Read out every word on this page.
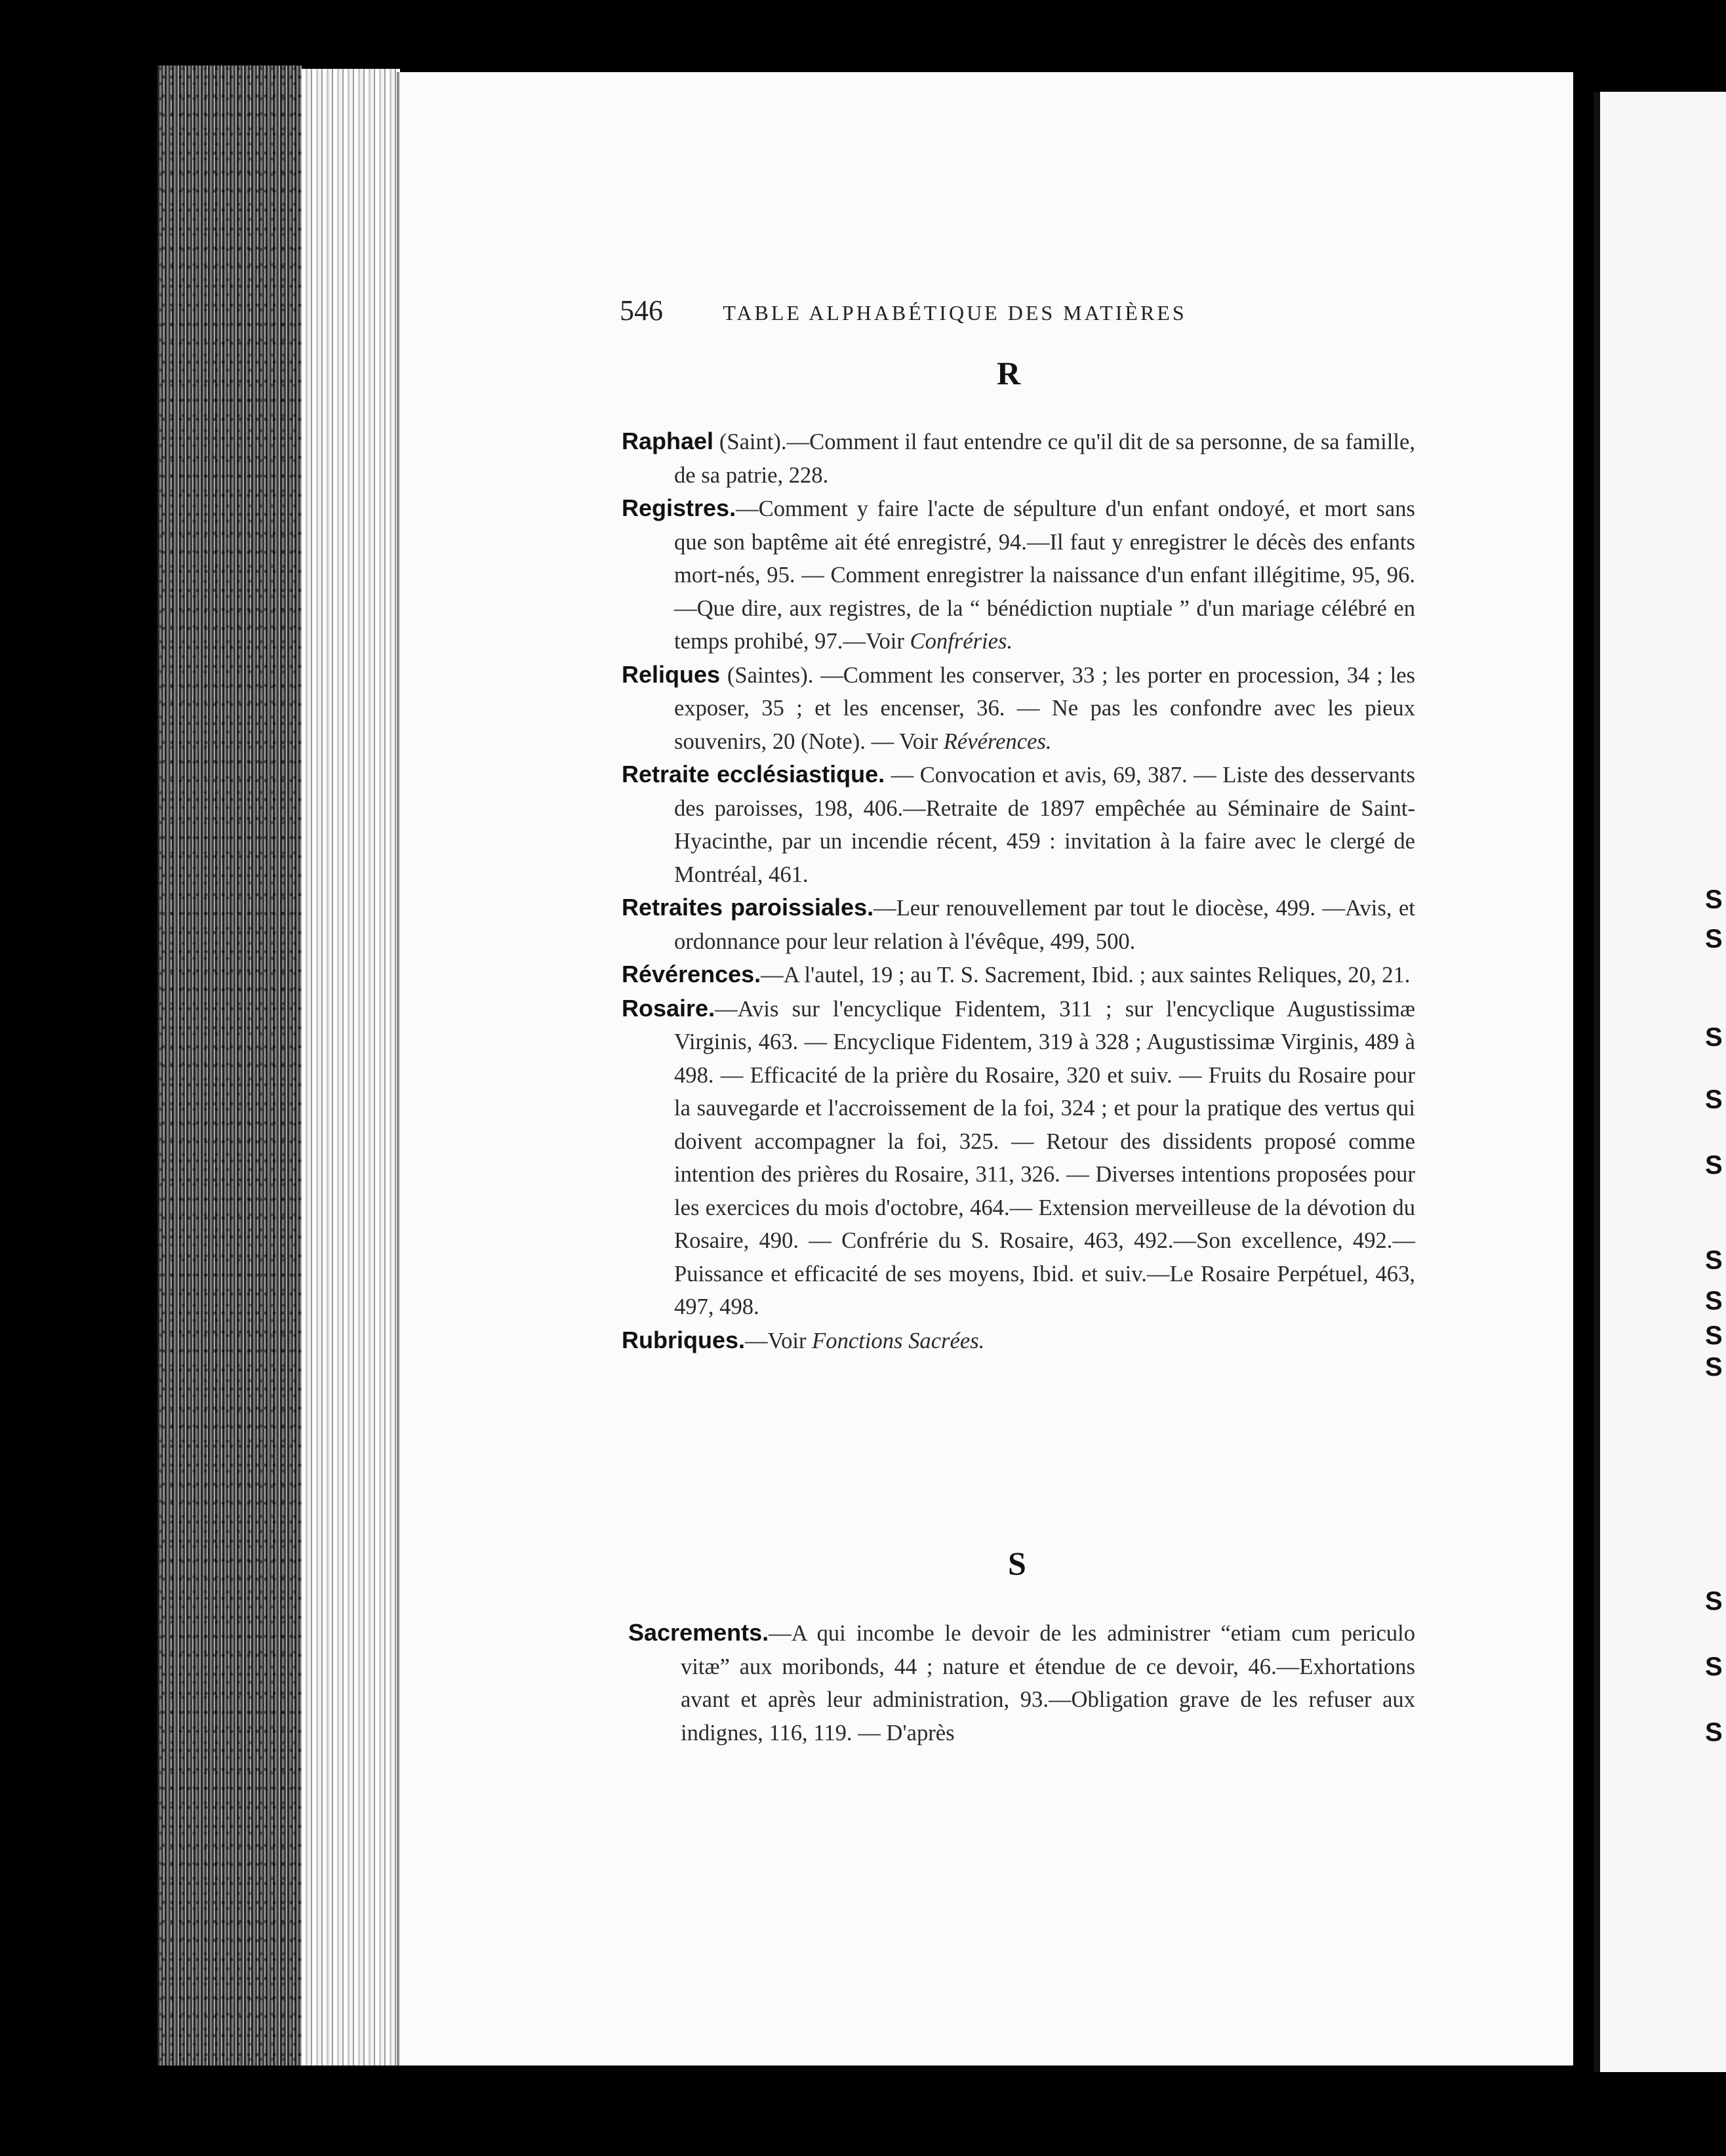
546	TABLE ALPHABÉTIQUE DES MATIÈRES
R
Raphael (Saint).—Comment il faut entendre ce qu'il dit de sa personne, de sa famille, de sa patrie, 228.
Registres.—Comment y faire l'acte de sépulture d'un enfant ondoyé, et mort sans que son baptême ait été enregistré, 94.—Il faut y enregistrer le décès des enfants mort-nés, 95. — Comment enregistrer la naissance d'un enfant illégitime, 95, 96.—Que dire, aux registres, de la “ bénédiction nuptiale ” d'un mariage célébré en temps prohibé, 97.—Voir Confréries.
Reliques (Saintes). —Comment les conserver, 33 ; les porter en procession, 34 ; les exposer, 35 ; et les encenser, 36. — Ne pas les confondre avec les pieux souvenirs, 20 (Note). — Voir Révérences.
Retraite ecclésiastique. — Convocation et avis, 69, 387. — Liste des desservants des paroisses, 198, 406.—Retraite de 1897 empêchée au Séminaire de Saint-Hyacinthe, par un incendie récent, 459 : invitation à la faire avec le clergé de Montréal, 461.
Retraites paroissiales.—Leur renouvellement par tout le diocèse, 499. —Avis, et ordonnance pour leur relation à l'évêque, 499, 500.
Révérences.—A l'autel, 19 ; au T. S. Sacrement, Ibid. ; aux saintes Reliques, 20, 21.
Rosaire.—Avis sur l'encyclique Fidentem, 311 ; sur l'encyclique Augustissimæ Virginis, 463. — Encyclique Fidentem, 319 à 328 ; Augustissimæ Virginis, 489 à 498. — Efficacité de la prière du Rosaire, 320 et suiv. — Fruits du Rosaire pour la sauvegarde et l'accroissement de la foi, 324 ; et pour la pratique des vertus qui doivent accompagner la foi, 325. — Retour des dissidents proposé comme intention des prières du Rosaire, 311, 326. — Diverses intentions proposées pour les exercices du mois d'octobre, 464.— Extension merveilleuse de la dévotion du Rosaire, 490. — Confrérie du S. Rosaire, 463, 492.—Son excellence, 492.—Puissance et efficacité de ses moyens, Ibid. et suiv.—Le Rosaire Perpétuel, 463, 497, 498.
Rubriques.—Voir Fonctions Sacrées.
S
Sacrements.—A qui incombe le devoir de les administrer “etiam cum periculo vitæ” aux moribonds, 44 ; nature et étendue de ce devoir, 46.—Exhortations avant et après leur administration, 93.—Obligation grave de les refuser aux indignes, 116, 119. — D'après
S
S
S
S
S
S
S
S
S
S
S
S
